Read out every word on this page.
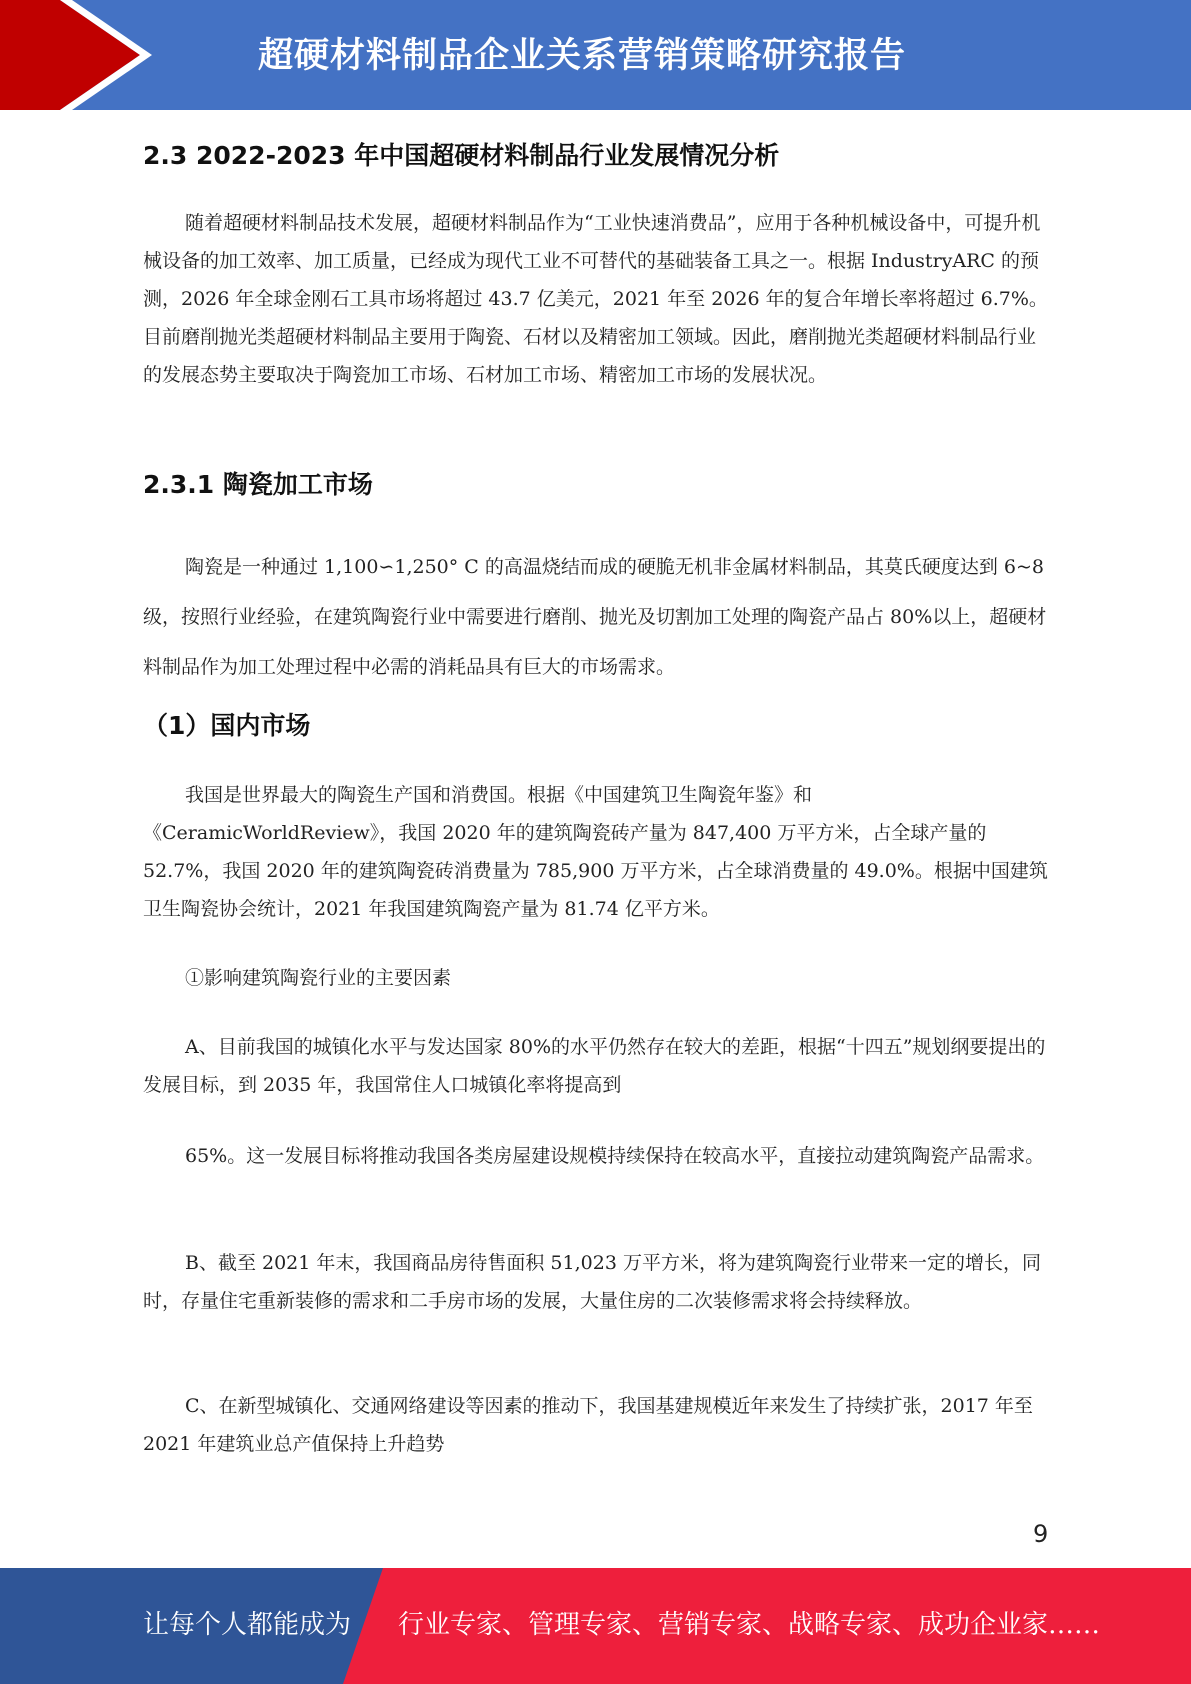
超硬材料制品企业关系营销策略研究报告
2.3 2022-2023 年中国超硬材料制品行业发展情况分析
随着超硬材料制品技术发展，超硬材料制品作为“工业快速消费品”，应用于各种机械设备中，可提升机械设备的加工效率、加工质量，已经成为现代工业不可替代的基础装备工具之一。根据 IndustryARC 的预测，2026 年全球金刚石工具市场将超过 43.7 亿美元，2021 年至 2026 年的复合年增长率将超过 6.7%。目前磨削抛光类超硬材料制品主要用于陶瓷、石材以及精密加工领域。因此，磨削抛光类超硬材料制品行业的发展态势主要取决于陶瓷加工市场、石材加工市场、精密加工市场的发展状况。
2.3.1 陶瓷加工市场
陶瓷是一种通过 1,100∽1,250° C 的高温烧结而成的硬脆无机非金属材料制品，其莫氏硬度达到 6~8 级，按照行业经验，在建筑陶瓷行业中需要进行磨削、抛光及切割加工处理的陶瓷产品占 80%以上，超硬材料制品作为加工处理过程中必需的消耗品具有巨大的市场需求。
（1）国内市场
我国是世界最大的陶瓷生产国和消费国。根据《中国建筑卫生陶瓷年鉴》和《CeramicWorldReview》，我国 2020 年的建筑陶瓷砖产量为 847,400 万平方米，占全球产量的 52.7%，我国 2020 年的建筑陶瓷砖消费量为 785,900 万平方米，占全球消费量的 49.0%。根据中国建筑卫生陶瓷协会统计，2021 年我国建筑陶瓷产量为 81.74 亿平方米。
①影响建筑陶瓷行业的主要因素
A、目前我国的城镇化水平与发达国家 80%的水平仍然存在较大的差距，根据“十四五”规划纲要提出的发展目标，到 2035 年，我国常住人口城镇化率将提高到
65%。这一发展目标将推动我国各类房屋建设规模持续保持在较高水平，直接拉动建筑陶瓷产品需求。
B、截至 2021 年末，我国商品房待售面积 51,023 万平方米，将为建筑陶瓷行业带来一定的增长，同时，存量住宅重新装修的需求和二手房市场的发展，大量住房的二次装修需求将会持续释放。
C、在新型城镇化、交通网络建设等因素的推动下，我国基建规模近年来发生了持续扩张，2017 年至 2021 年建筑业总产值保持上升趋势
9
让每个人都能成为 行业专家、管理专家、营销专家、战略专家、成功企业家……
